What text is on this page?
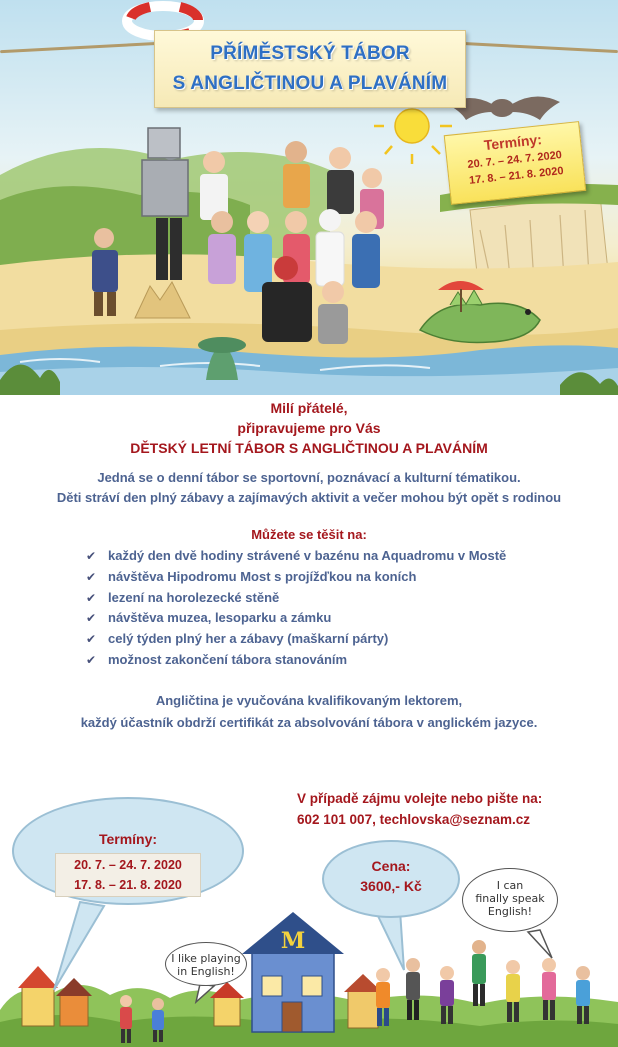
PŘÍMĚSTSKÝ TÁBOR
S ANGLIČTINOU A PLAVÁNÍM
Termíny:
20. 7. – 24. 7. 2020
17. 8. – 21. 8. 2020
Milí přátelé,
připravujeme pro Vás
DĚTSKÝ LETNÍ TÁBOR S ANGLIČTINOU A PLAVÁNÍM
Jedná se o denní tábor se sportovní, poznávací a kulturní tématikou.
Děti stráví den plný zábavy a zajímavých aktivit a večer mohou být opět s rodinou
Můžete se těšit na:
✔ každý den dvě hodiny strávené v bazénu na Aquadromu v Mostě
✔ návštěva Hipodromu Most s projížďkou na koních
✔ lezení na horolezecké stěně
✔ návštěva muzea, lesoparku a zámku
✔ celý týden plný her a zábavy (maškarní párty)
✔ možnost zakončení tábora stanováním
Angličtina je vyučována kvalifikovaným lektorem,
každý účastník obdrží certifikát za absolvování tábora v anglickém jazyce.
M
Termíny:
20. 7. – 24. 7. 2020
17. 8. – 21. 8. 2020
Cena:
3600,- Kč
I like playing
in English!
I can
finally speak
English!
V případě zájmu volejte nebo pište na:
602 101 007, techlovska@seznam.cz
